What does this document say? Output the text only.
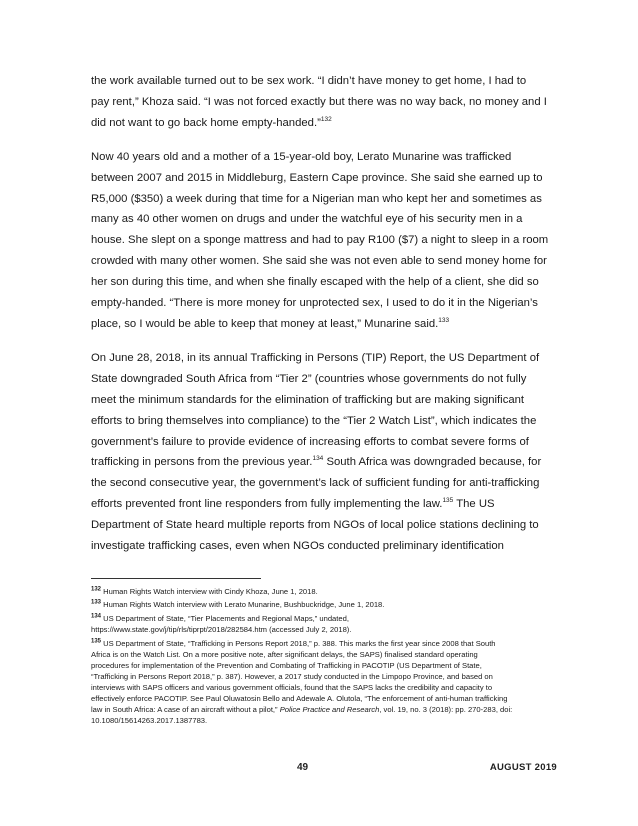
the work available turned out to be sex work. “I didn’t have money to get home, I had to
pay rent,” Khoza said. “I was not forced exactly but there was no way back, no money and I
did not want to go back home empty-handed.”$^{132}$

Now 40 years old and a mother of a 15-year-old boy, Lerato Munarine was trafficked
between 2007 and 2015 in Middleburg, Eastern Cape province. She said she earned up to
R5,000 ($350) a week during that time for a Nigerian man who kept her and sometimes as
many as 40 other women on drugs and under the watchful eye of his security men in a
house. She slept on a sponge mattress and had to pay R100 ($7) a night to sleep in a room
crowded with many other women. She said she was not even able to send money home for
her son during this time, and when she finally escaped with the help of a client, she did so
empty-handed. “There is more money for unprotected sex, I used to do it in the Nigerian’s
place, so I would be able to keep that money at least,” Munarine said.$^{133}$

On June 28, 2018, in its annual Trafficking in Persons (TIP) Report, the US Department of
State downgraded South Africa from “Tier 2” (countries whose governments do not fully
meet the minimum standards for the elimination of trafficking but are making significant
efforts to bring themselves into compliance) to the “Tier 2 Watch List”, which indicates the
government’s failure to provide evidence of increasing efforts to combat severe forms of
trafficking in persons from the previous year.$^{134}$ South Africa was downgraded because, for
the second consecutive year, the government’s lack of sufficient funding for anti-trafficking
efforts prevented front line responders from fully implementing the law.$^{135}$ The US
Department of State heard multiple reports from NGOs of local police stations declining to
investigate trafficking cases, even when NGOs conducted preliminary identification

$^{132}$ Human Rights Watch interview with Cindy Khoza, June 1, 2018.

$^{133}$ Human Rights Watch interview with Lerato Munarine, Bushbuckridge, June 1, 2018.

$^{134}$ US Department of State, “Tier Placements and Regional Maps,” undated,
https://www.state.gov/j/tip/rls/tiprpt/2018/282584.htm (accessed July 2, 2018).

$^{135}$ US Department of State, “Trafficking in Persons Report 2018,” p. 388. This marks the first year since 2008 that South
Africa is on the Watch List. On a more positive note, after significant delays, the SAPS) finalised standard operating
procedures for implementation of the Prevention and Combating of Trafficking in PACOTIP (US Department of State,
“Trafficking in Persons Report 2018,” p. 387). However, a 2017 study conducted in the Limpopo Province, and based on
interviews with SAPS officers and various government officials, found that the SAPS lacks the credibility and capacity to
effectively enforce PACOTIP. See Paul Oluwatosin Bello and Adewale A. Olutola, “The enforcement of anti-human trafficking
law in South Africa: A case of an aircraft without a pilot,” Police Practice and Research, vol. 19, no. 3 (2018): pp. 270-283, doi:
10.1080/15614263.2017.1387783.

49	AUGUST 2019
